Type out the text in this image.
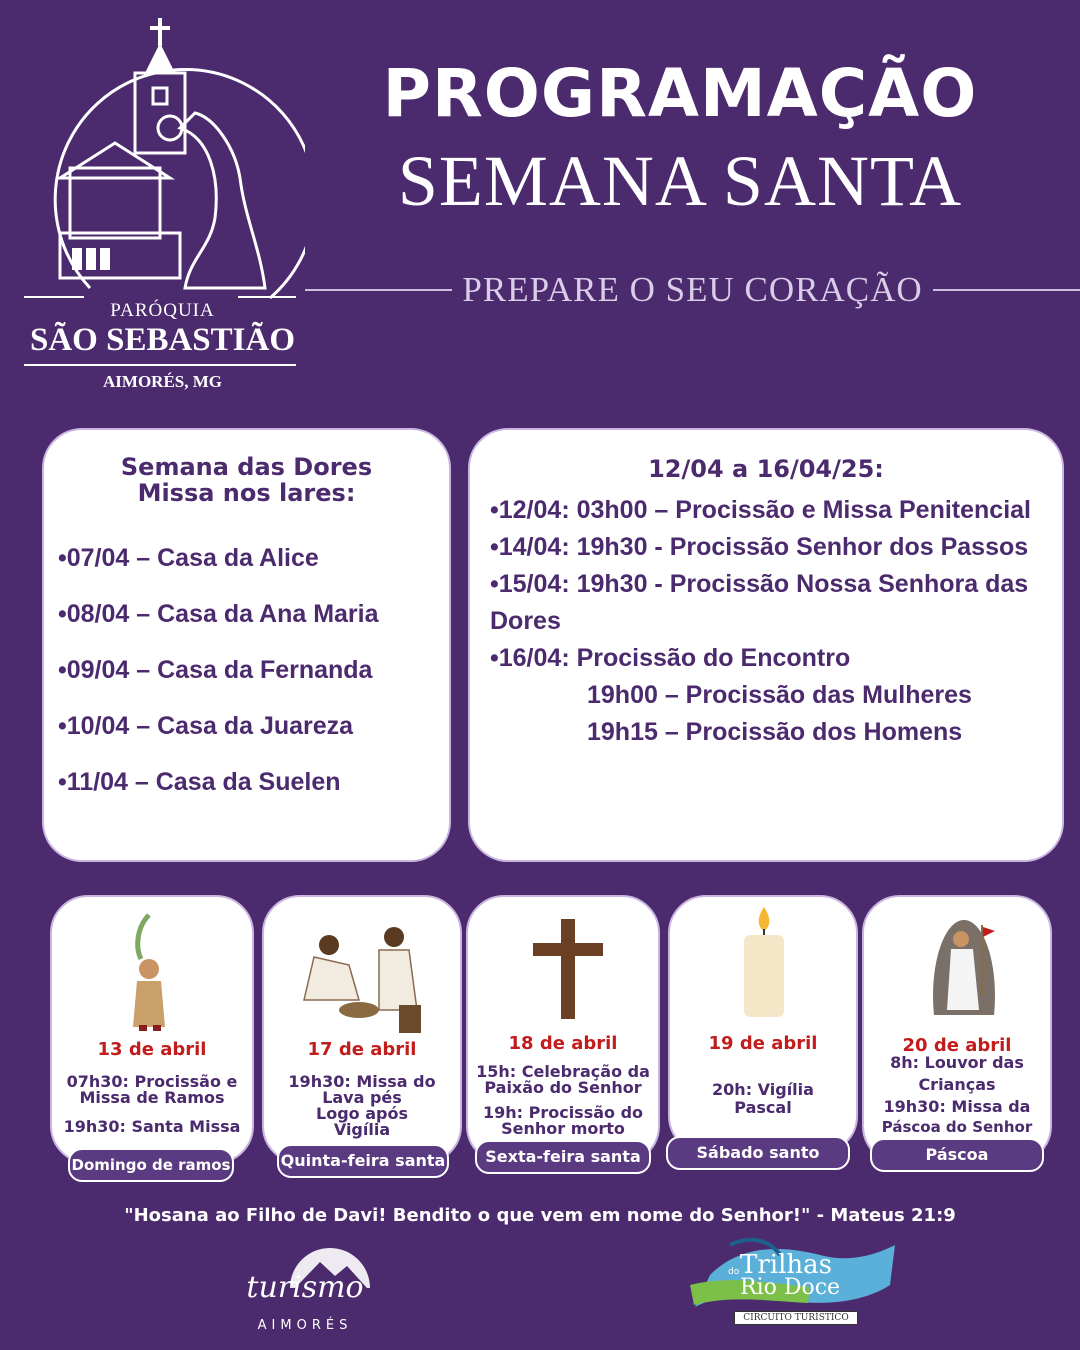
PARÓQUIA
SÃO SEBASTIÃO
AIMORÉS, MG
PROGRAMAÇÃO
SEMANA SANTA
PREPARE O SEU CORAÇÃO
Semana das Dores
Missa nos lares:
•07/04 – Casa da Alice
•08/04 – Casa da Ana Maria
•09/04 – Casa da Fernanda
•10/04 – Casa da Juareza
•11/04 – Casa da Suelen
12/04 a 16/04/25:
•12/04: 03h00 – Procissão e Missa Penitencial
•14/04: 19h30 - Procissão Senhor dos Passos
•15/04: 19h30 - Procissão Nossa Senhora das Dores
•16/04: Procissão do Encontro
19h00 – Procissão das Mulheres
19h15 – Procissão dos Homens
13 de abril
07h30: Procissão e
Missa de Ramos
19h30: Santa Missa
Domingo de ramos
17 de abril
19h30: Missa do
Lava pés
Logo após
Vigília
Quinta-feira santa
18 de abril
15h: Celebração da
Paixão do Senhor
19h: Procissão do
Senhor morto
Sexta-feira santa
19 de abril
20h: Vigília
Pascal
Sábado santo
20 de abril
8h: Louvor das
Crianças
19h30: Missa da
Páscoa do Senhor
Páscoa
"Hosana ao Filho de Davi! Bendito o que vem em nome do Senhor!" - Mateus 21:9
turismo
AIMORÉS
do Trilhas
Rio Doce
CIRCUITO TURÍSTICO
